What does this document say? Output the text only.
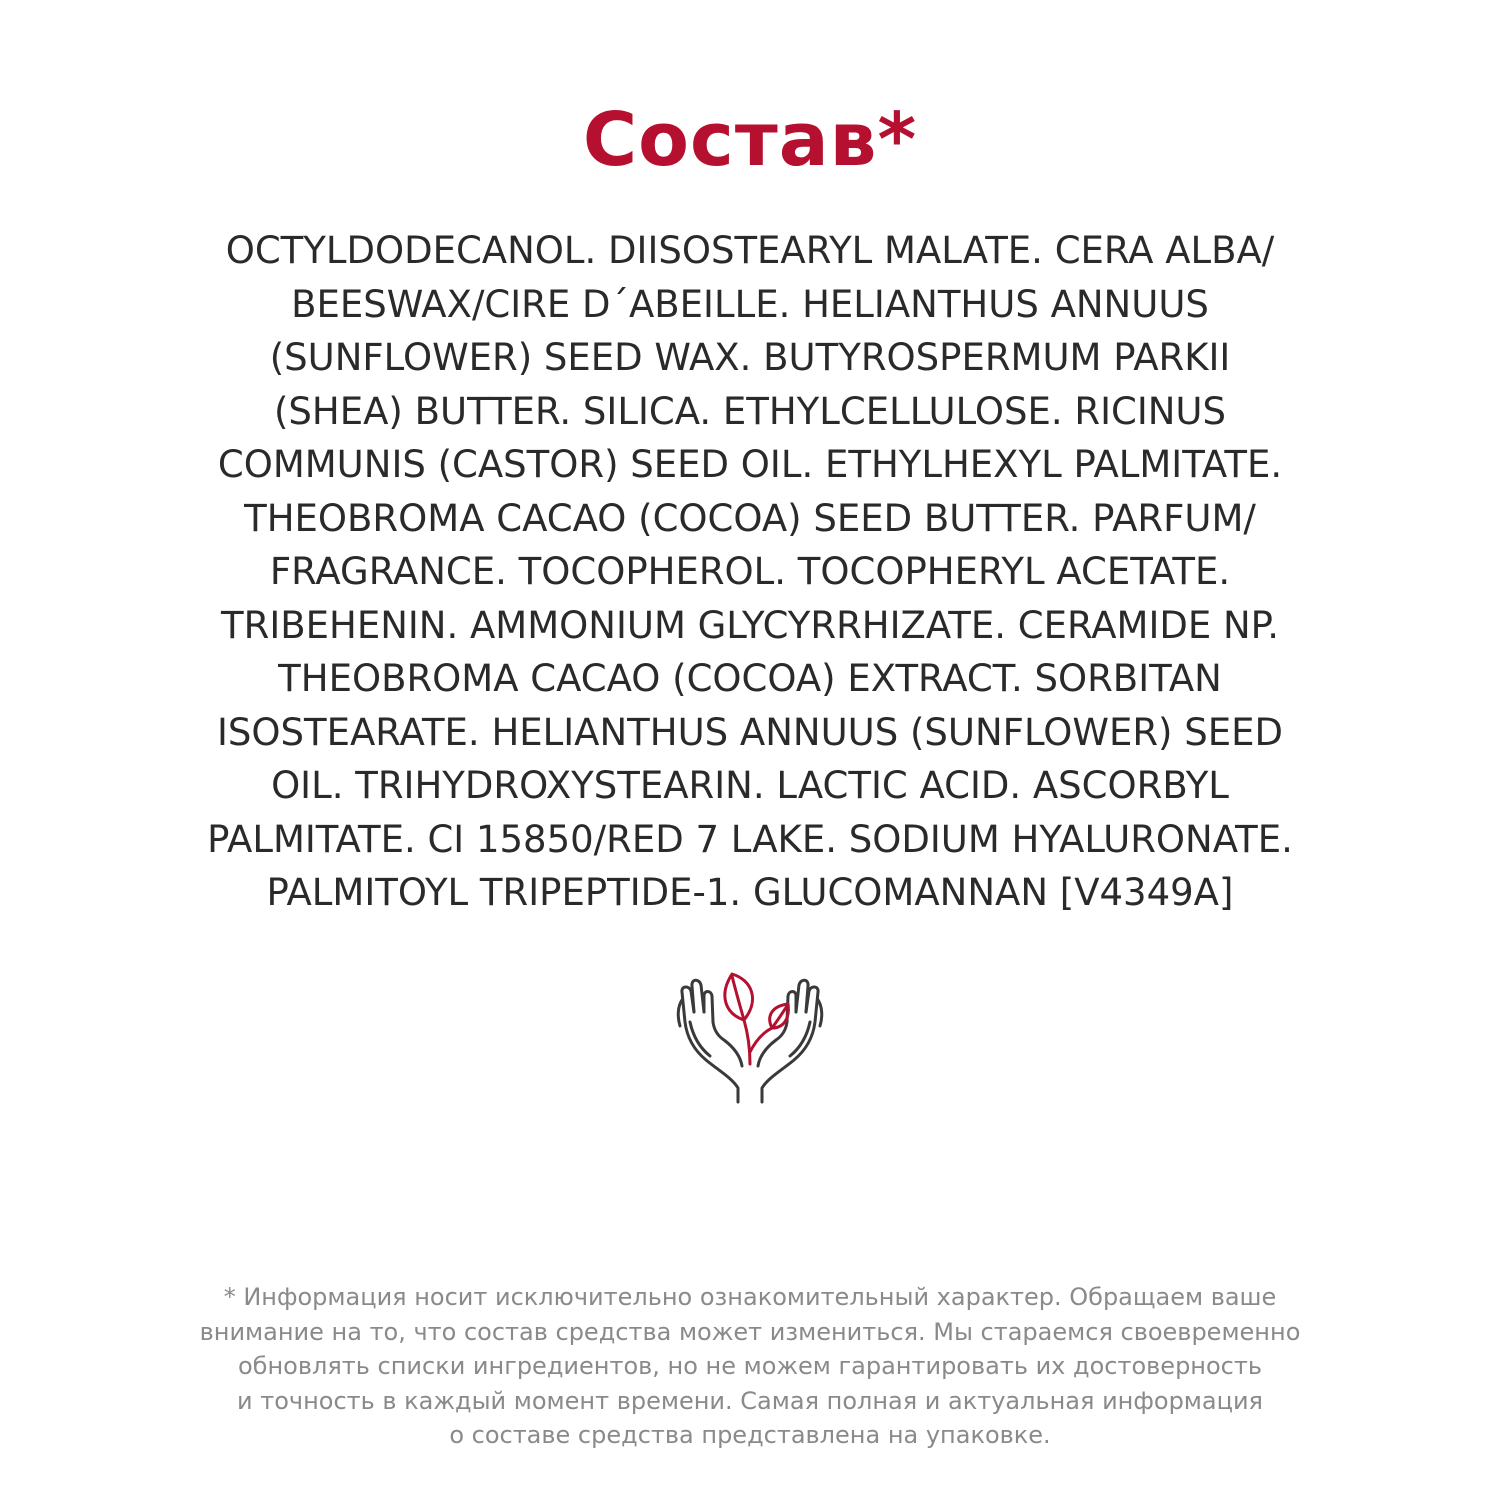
Состав*

OCTYLDODECANOL. DIISOSTEARYL MALATE. CERA ALBA/
BEESWAX/CIRE D´ABEILLE. HELIANTHUS ANNUUS
(SUNFLOWER) SEED WAX. BUTYROSPERMUM PARKII
(SHEA) BUTTER. SILICA. ETHYLCELLULOSE. RICINUS
COMMUNIS (CASTOR) SEED OIL. ETHYLHEXYL PALMITATE.
THEOBROMA CACAO (COCOA) SEED BUTTER. PARFUM/
FRAGRANCE. TOCOPHEROL. TOCOPHERYL ACETATE.
TRIBEHENIN. AMMONIUM GLYCYRRHIZATE. CERAMIDE NP.
THEOBROMA CACAO (COCOA) EXTRACT. SORBITAN
ISOSTEARATE. HELIANTHUS ANNUUS (SUNFLOWER) SEED
OIL. TRIHYDROXYSTEARIN. LACTIC ACID. ASCORBYL
PALMITATE. CI 15850/RED 7 LAKE. SODIUM HYALURONATE.
PALMITOYL TRIPEPTIDE-1. GLUCOMANNAN [V4349A]

* Информация носит исключительно ознакомительный характер. Обращаем ваше
внимание на то, что состав средства может измениться. Мы стараемся своевременно
обновлять списки ингредиентов, но не можем гарантировать их достоверность
и точность в каждый момент времени. Самая полная и актуальная информация
о составе средства представлена на упаковке.
